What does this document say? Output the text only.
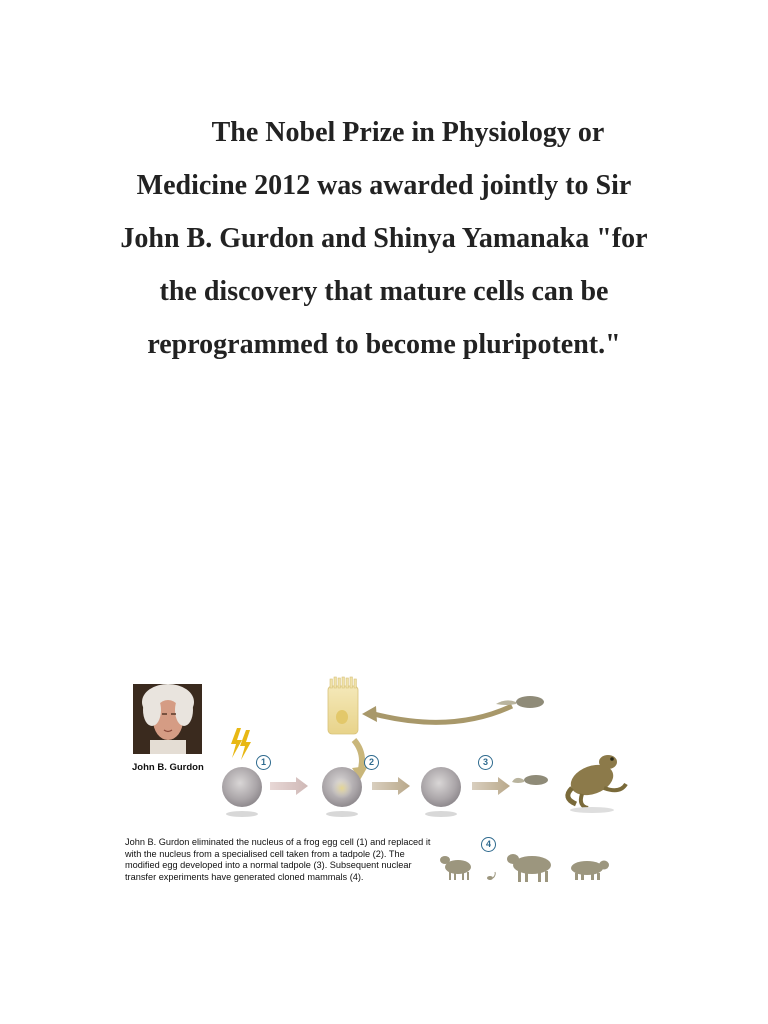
The Nobel Prize in Physiology or
Medicine 2012 was awarded jointly to Sir
John B. Gurdon and Shinya Yamanaka "for
the discovery that mature cells can be
reprogrammed to become pluripotent."
John B. Gurdon	1	2	3
4

John B. Gurdon eliminated the nucleus of a frog egg cell (1) and replaced it with the nucleus from a specialised cell taken from a tadpole (2). The modified egg developed into a normal tadpole (3). Subsequent nuclear transfer experiments have generated cloned mammals (4).
